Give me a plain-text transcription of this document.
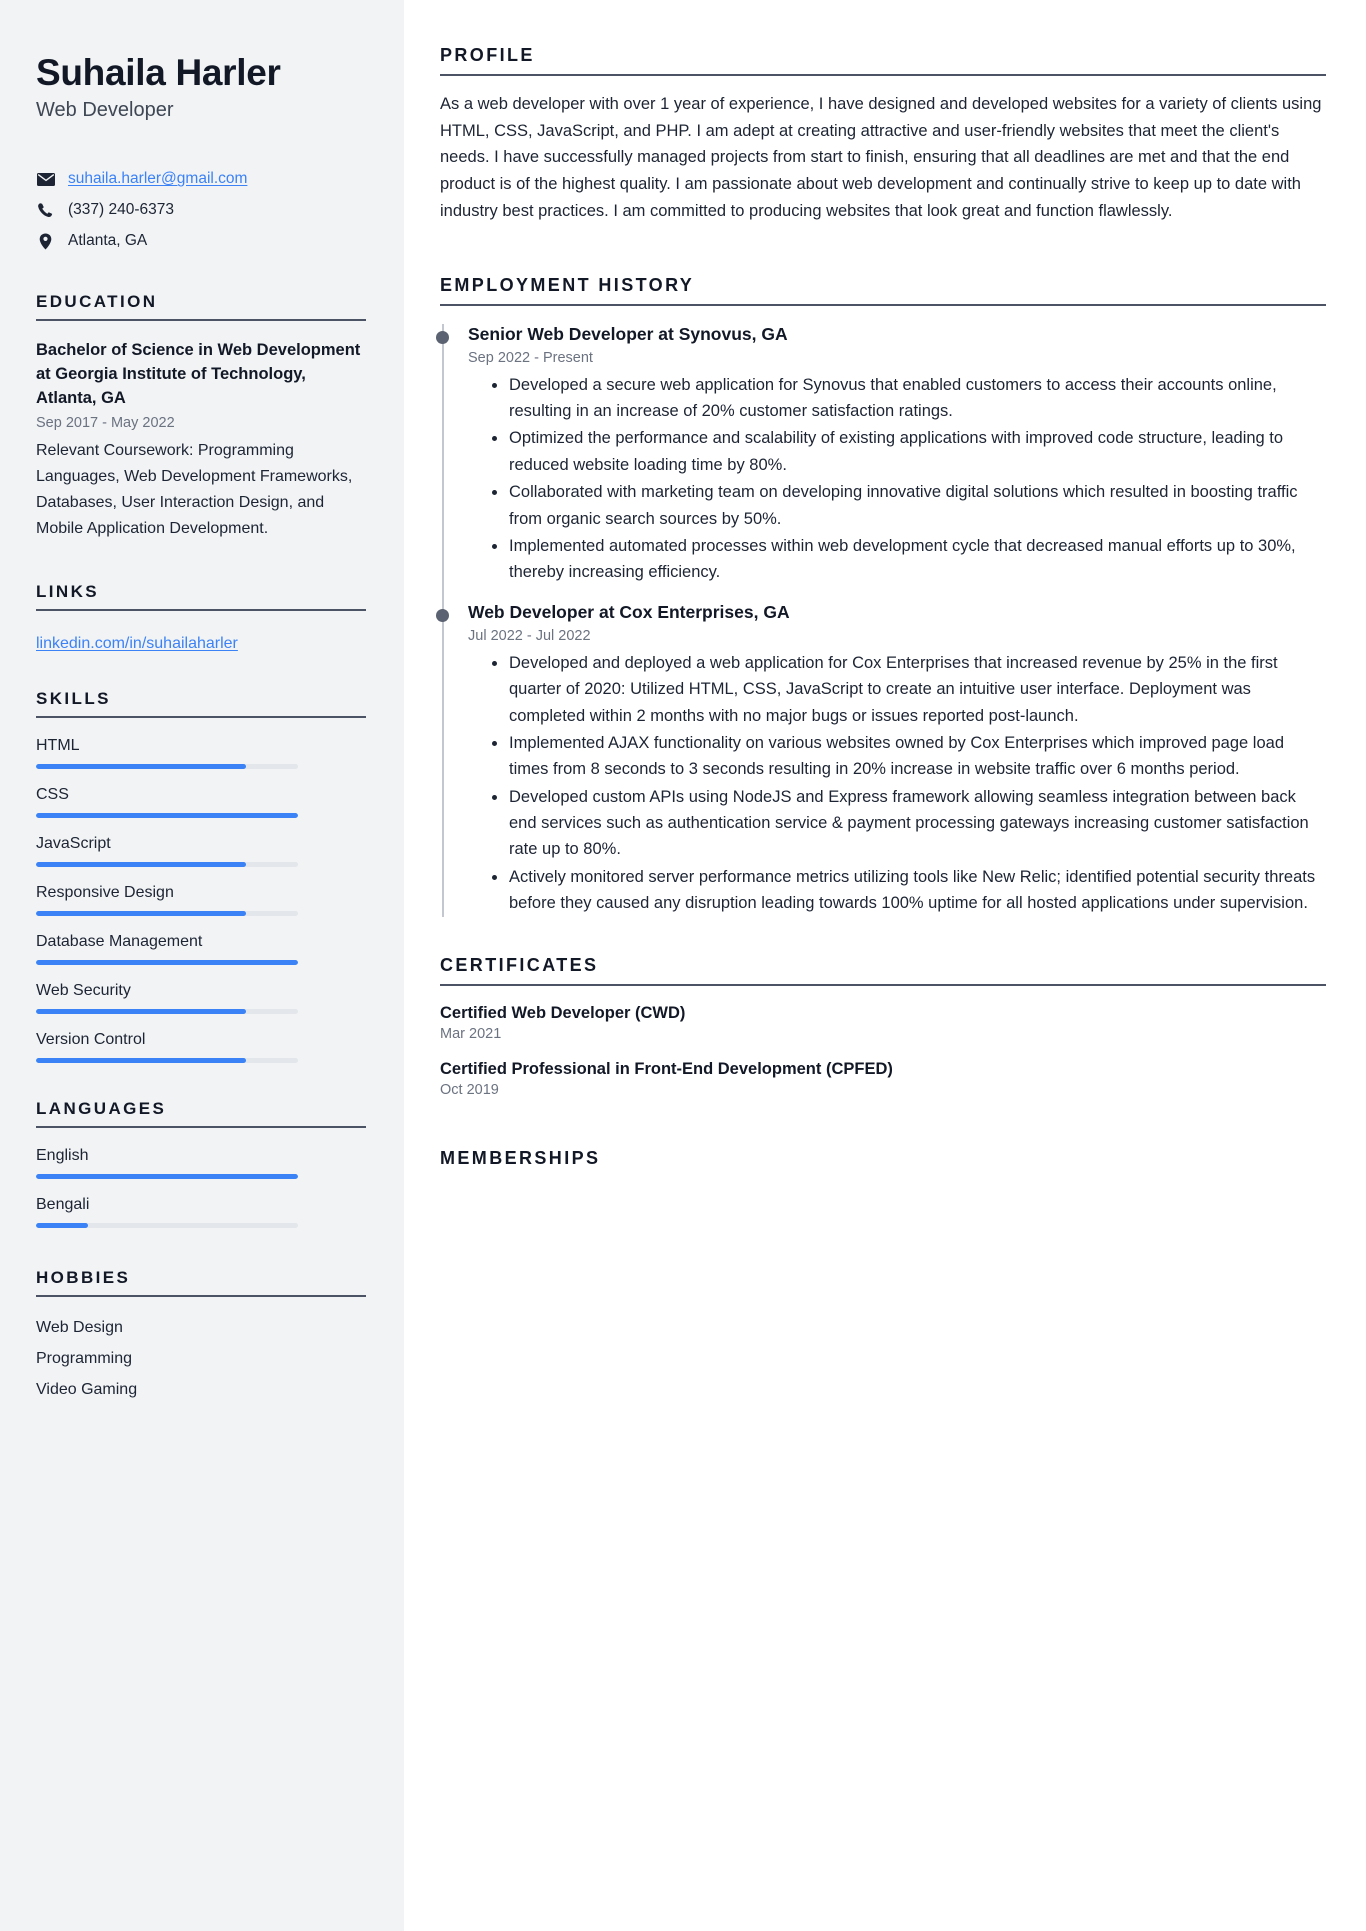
Suhaila Harler
Web Developer
suhaila.harler@gmail.com
(337) 240-6373
Atlanta, GA
EDUCATION
Bachelor of Science in Web Development at Georgia Institute of Technology, Atlanta, GA
Sep 2017 - May 2022
Relevant Coursework: Programming Languages, Web Development Frameworks, Databases, User Interaction Design, and Mobile Application Development.
LINKS
linkedin.com/in/suhailaharler
SKILLS
HTML
CSS
JavaScript
Responsive Design
Database Management
Web Security
Version Control
LANGUAGES
English
Bengali
HOBBIES
Web Design
Programming
Video Gaming
PROFILE

As a web developer with over 1 year of experience, I have designed and developed websites for a variety of clients using HTML, CSS, JavaScript, and PHP. I am adept at creating attractive and user-friendly websites that meet the client's needs. I have successfully managed projects from start to finish, ensuring that all deadlines are met and that the end product is of the highest quality. I am passionate about web development and continually strive to keep up to date with industry best practices. I am committed to producing websites that look great and function flawlessly.

EMPLOYMENT HISTORY
Senior Web Developer at Synovus, GA
Sep 2022 - Present
Developed a secure web application for Synovus that enabled customers to access their accounts online, resulting in an increase of 20% customer satisfaction ratings.
Optimized the performance and scalability of existing applications with improved code structure, leading to reduced website loading time by 80%.
Collaborated with marketing team on developing innovative digital solutions which resulted in boosting traffic from organic search sources by 50%.
Implemented automated processes within web development cycle that decreased manual efforts up to 30%, thereby increasing efficiency.
Web Developer at Cox Enterprises, GA
Jul 2022 - Jul 2022
Developed and deployed a web application for Cox Enterprises that increased revenue by 25% in the first quarter of 2020: Utilized HTML, CSS, JavaScript to create an intuitive user interface. Deployment was completed within 2 months with no major bugs or issues reported post-launch.
Implemented AJAX functionality on various websites owned by Cox Enterprises which improved page load times from 8 seconds to 3 seconds resulting in 20% increase in website traffic over 6 months period.
Developed custom APIs using NodeJS and Express framework allowing seamless integration between back end services such as authentication service & payment processing gateways increasing customer satisfaction rate up to 80%.
Actively monitored server performance metrics utilizing tools like New Relic; identified potential security threats before they caused any disruption leading towards 100% uptime for all hosted applications under supervision.
CERTIFICATES
Certified Web Developer (CWD)
Mar 2021
Certified Professional in Front-End Development (CPFED)
Oct 2019
MEMBERSHIPS
